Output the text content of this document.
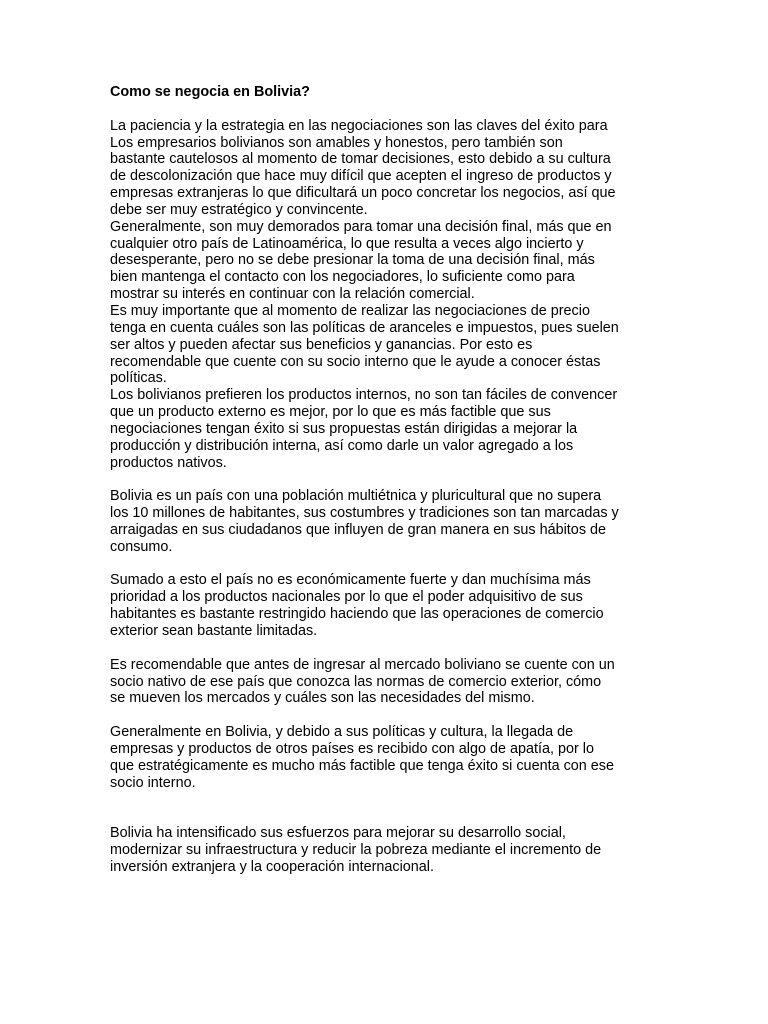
Como se negocia en Bolivia?
La paciencia y la estrategia en las negociaciones son las claves del éxito para
Los empresarios bolivianos son amables y honestos, pero también son
bastante cautelosos al momento de tomar decisiones, esto debido a su cultura
de descolonización que hace muy difícil que acepten el ingreso de productos y
empresas extranjeras lo que dificultará un poco concretar los negocios, así que
debe ser muy estratégico y convincente.
Generalmente, son muy demorados para tomar una decisión final, más que en
cualquier otro país de Latinoamérica, lo que resulta a veces algo incierto y
desesperante, pero no se debe presionar la toma de una decisión final, más
bien mantenga el contacto con los negociadores, lo suficiente como para
mostrar su interés en continuar con la relación comercial.
Es muy importante que al momento de realizar las negociaciones de precio
tenga en cuenta cuáles son las políticas de aranceles e impuestos, pues suelen
ser altos y pueden afectar sus beneficios y ganancias. Por esto es
recomendable que cuente con su socio interno que le ayude a conocer éstas
políticas.
Los bolivianos prefieren los productos internos, no son tan fáciles de convencer
que un producto externo es mejor, por lo que es más factible que sus
negociaciones tengan éxito si sus propuestas están dirigidas a mejorar la
producción y distribución interna, así como darle un valor agregado a los
productos nativos.
Bolivia es un país con una población multiétnica y pluricultural que no supera
los 10 millones de habitantes, sus costumbres y tradiciones son tan marcadas y
arraigadas en sus ciudadanos que influyen de gran manera en sus hábitos de
consumo.
Sumado a esto el país no es económicamente fuerte y dan muchísima más
prioridad a los productos nacionales por lo que el poder adquisitivo de sus
habitantes es bastante restringido haciendo que las operaciones de comercio
exterior sean bastante limitadas.
Es recomendable que antes de ingresar al mercado boliviano se cuente con un
socio nativo de ese país que conozca las normas de comercio exterior, cómo
se mueven los mercados y cuáles son las necesidades del mismo.
Generalmente en Bolivia, y debido a sus políticas y cultura, la llegada de
empresas y productos de otros países es recibido con algo de apatía, por lo
que estratégicamente es mucho más factible que tenga éxito si cuenta con ese
socio interno.
Bolivia ha intensificado sus esfuerzos para mejorar su desarrollo social,
modernizar su infraestructura y reducir la pobreza mediante el incremento de
inversión extranjera y la cooperación internacional.
